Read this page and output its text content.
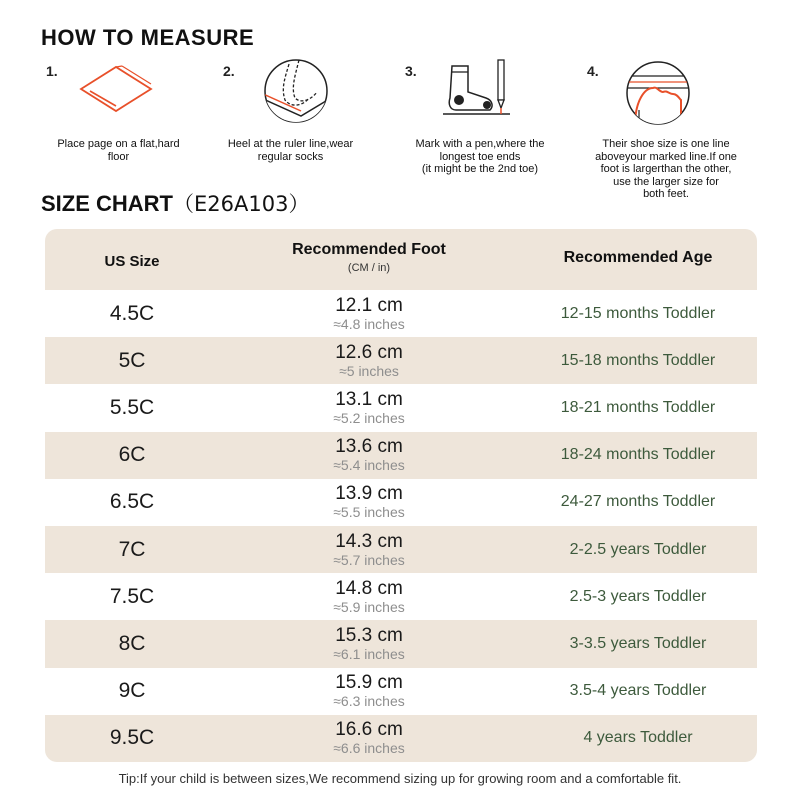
HOW TO MEASURE
1.
Place page on a flat,hard
floor
2.
Heel at the ruler line,wear
regular socks
3.
Mark with a pen,where the
longest toe ends
(it might be the 2nd toe)
4.
Their shoe size is one line
aboveyour marked line.If one
foot is largerthan the other,
use the larger size for
both feet.
SIZE CHART（E26A103）
US Size
Recommended Foot
(CM / in)
Recommended Age
4.5C	12.1 cm
≈4.8 inches
12-15 months Toddler
5C	12.6 cm
≈5 inches
15-18 months Toddler
5.5C	13.1 cm
≈5.2 inches
18-21 months Toddler
6C	13.6 cm
≈5.4 inches
18-24 months Toddler
6.5C	13.9 cm
≈5.5 inches
24-27 months Toddler
7C	14.3 cm
≈5.7 inches
2-2.5 years Toddler
7.5C	14.8 cm
≈5.9 inches
2.5-3 years Toddler
8C	15.3 cm
≈6.1 inches
3-3.5 years Toddler
9C	15.9 cm
≈6.3 inches
3.5-4 years Toddler
9.5C	16.6 cm
≈6.6 inches
4 years Toddler
Tip:If your child is between sizes,We recommend sizing up for growing room and a comfortable fit.
